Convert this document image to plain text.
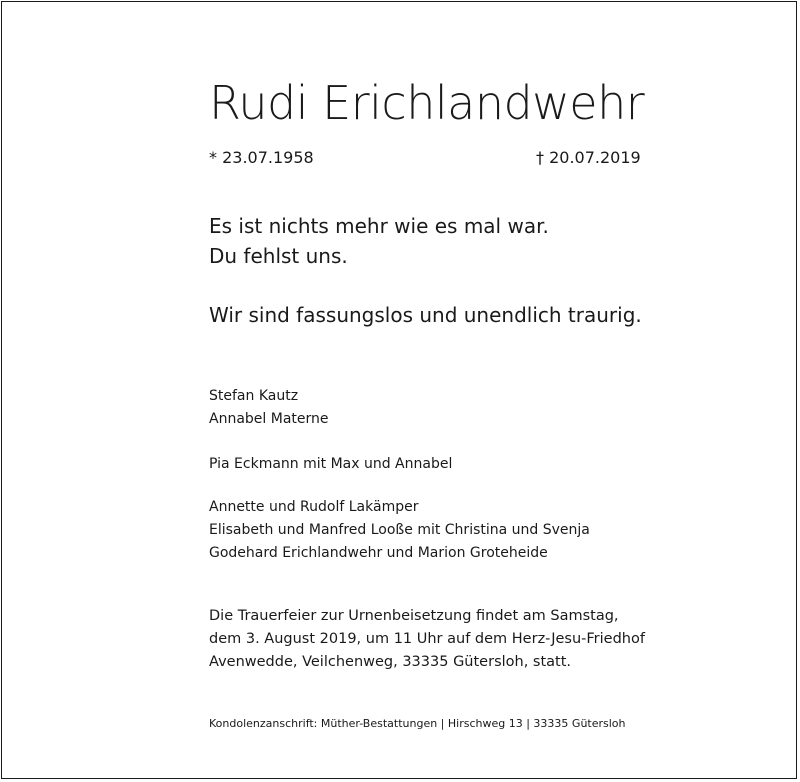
Rudi Erichlandwehr
* 23.07.1958	† 20.07.2019
Es ist nichts mehr wie es mal war.
Du fehlst uns.
Wir sind fassungslos und unendlich traurig.
Stefan Kautz
Annabel Materne
Pia Eckmann mit Max und Annabel
Annette und Rudolf Lakämper
Elisabeth und Manfred Looße mit Christina und Svenja
Godehard Erichlandwehr und Marion Groteheide
Die Trauerfeier zur Urnenbeisetzung findet am Samstag,
dem 3. August 2019, um 11 Uhr auf dem Herz-Jesu-Friedhof
Avenwedde, Veilchenweg, 33335 Gütersloh, statt.
Kondolenzanschrift: Müther-Bestattungen | Hirschweg 13 | 33335 Gütersloh
